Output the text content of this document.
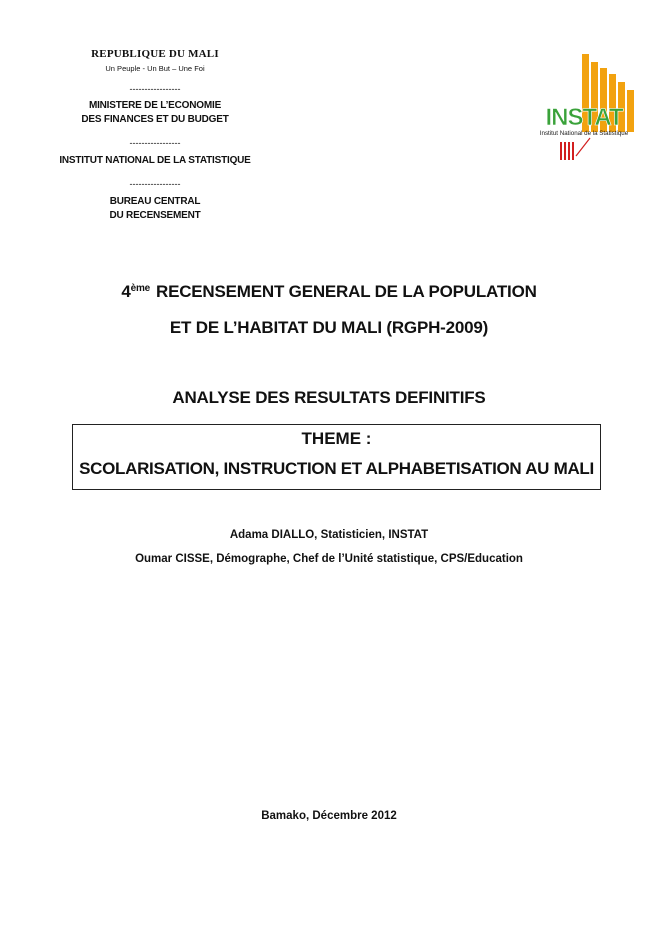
REPUBLIQUE DU MALI
Un Peuple - Un But – Une Foi
-----------------
MINISTERE DE L’ECONOMIE
DES FINANCES ET DU BUDGET
-----------------
INSTITUT NATIONAL DE LA STATISTIQUE
-----------------
BUREAU CENTRAL
DU RECENSEMENT
INSTAT
Institut National de la Statistique
4ème RECENSEMENT GENERAL DE LA POPULATION
ET DE L’HABITAT DU MALI (RGPH-2009)
ANALYSE DES RESULTATS DEFINITIFS
THEME :
SCOLARISATION, INSTRUCTION ET ALPHABETISATION AU MALI
Adama DIALLO, Statisticien, INSTAT
Oumar CISSE, Démographe, Chef de l’Unité statistique, CPS/Education
Bamako, Décembre 2012
